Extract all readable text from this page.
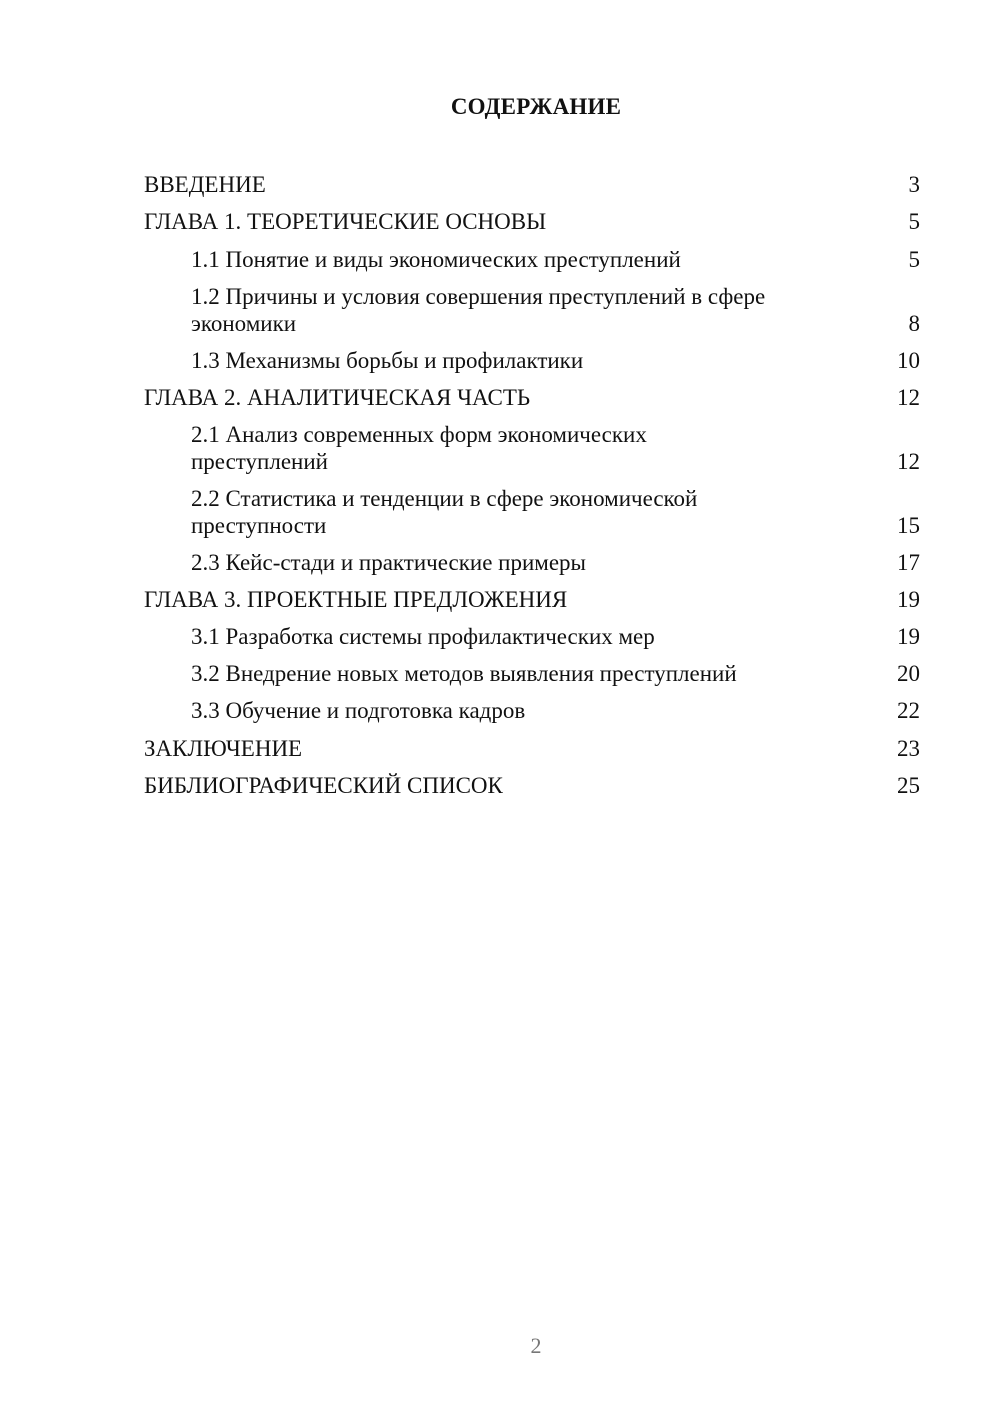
СОДЕРЖАНИЕ
ВВЕДЕНИЕ	3
ГЛАВА 1. ТЕОРЕТИЧЕСКИЕ ОСНОВЫ	5
1.1 Понятие и виды экономических преступлений	5
1.2 Причины и условия совершения преступлений в сфере
экономики	8
1.3 Механизмы борьбы и профилактики	10
ГЛАВА 2. АНАЛИТИЧЕСКАЯ ЧАСТЬ	12
2.1 Анализ современных форм экономических
преступлений	12
2.2 Статистика и тенденции в сфере экономической
преступности	15
2.3 Кейс-стади и практические примеры	17
ГЛАВА 3. ПРОЕКТНЫЕ ПРЕДЛОЖЕНИЯ	19
3.1 Разработка системы профилактических мер	19
3.2 Внедрение новых методов выявления преступлений	20
3.3 Обучение и подготовка кадров	22
ЗАКЛЮЧЕНИЕ	23
БИБЛИОГРАФИЧЕСКИЙ СПИСОК	25
2
